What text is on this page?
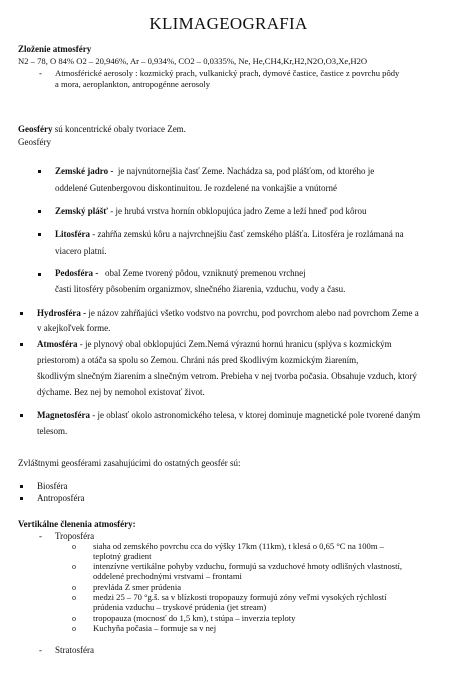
KLIMAGEOGRAFIA
Zloženie atmosféry
N2 – 78, O 84% O2 – 20,946%, Ar – 0,934%, CO2 – 0,0335%, Ne, He,CH4,Kr,H2,N2O,O3,Xe,H2O
- Atmosférické aerosoly : kozmický prach, vulkanický prach, dymové častice, častice z povrchu pôdy
a mora, aeroplankton, antropogénne aerosoly
Geosféry sú koncentrické obaly tvoriace Zem.
Geosféry
Zemské jadro - je najvnútornejšia časť Zeme. Nachádza sa, pod plášťom, od ktorého je
oddelené Gutenbergovou diskontinuitou. Je rozdelené na vonkajšie a vnútorné
Zemský plášť - je hrubá vrstva hornín obklopujúca jadro Zeme a leží hneď pod kôrou
Litosféra - zahŕňa zemskú kôru a najvrchnejšiu časť zemského plášťa. Litosféra je rozlámaná na
viacero platní.
Pedosféra - obal Zeme tvorený pôdou, vzniknutý premenou vrchnej
časti litosféry pôsobením organizmov, slnečného žiarenia, vzduchu, vody a času.
Hydrosféra - je názov zahŕňajúci všetko vodstvo na povrchu, pod povrchom alebo nad povrchom Zeme a
v akejkoľvek forme.
Atmosféra - je plynový obal obklopujúci Zem.Nemá výraznú hornú hranicu (splýva s kozmickým
priestorom) a otáča sa spolu so Zemou. Chráni nás pred škodlivým kozmickým žiarením,
škodlivým slnečným žiarením a slnečným vetrom. Prebieha v nej tvorba počasia. Obsahuje vzduch, ktorý
dýchame. Bez nej by nemohol existovať život.
Magnetosféra - je oblasť okolo astronomického telesa, v ktorej dominuje magnetické pole tvorené daným
telesom.
Zvláštnymi geosférami zasahujúcimi do ostatných geosfér sú:
Biosféra
Antroposféra
Vertikálne členenia atmosféry:
- Troposféra
o siaha od zemského povrchu cca do výšky 17km (11km), t klesá o 0,65 °C na 100m –
teplotný gradient
o intenzívne vertikálne pohyby vzduchu, formujú sa vzduchové hmoty odlišných vlastností,
oddelené prechodnými vrstvami – frontami
o prevláda Z smer prúdenia
o medzi 25 – 70 °g.š. sa v blízkosti tropopauzy formujú zóny veľmi vysokých rýchlostí
prúdenia vzduchu – tryskové prúdenia (jet stream)
o tropopauza (mocnosť do 1,5 km), t stúpa – inverzia teploty
o Kuchyňa počasia – formuje sa v nej
- Stratosféra
